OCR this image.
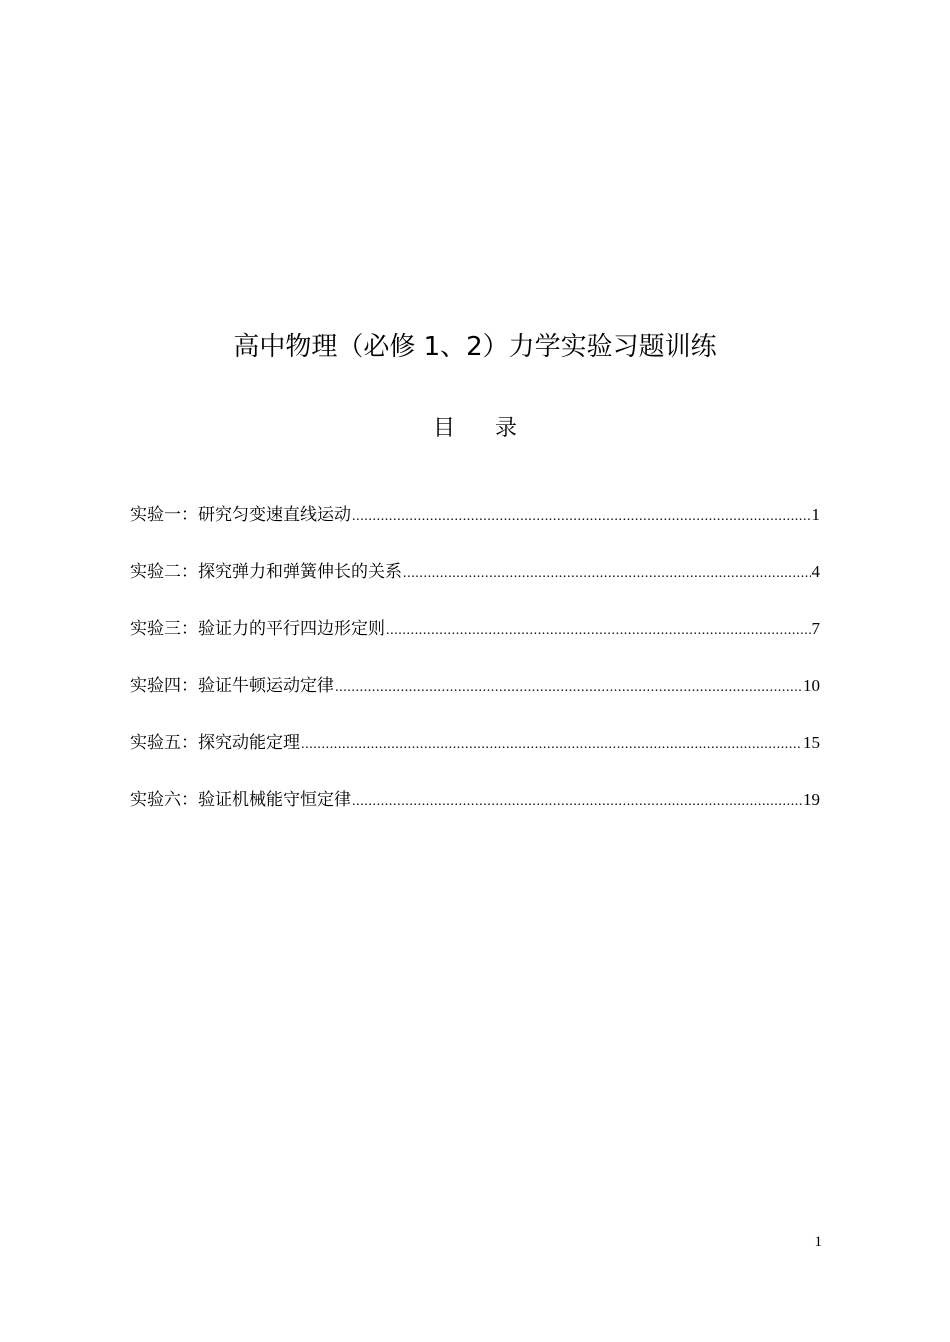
高中物理（必修 1、2）力学实验习题训练
目录
实验一：研究匀变速直线运动 .....	1
实验二：探究弹力和弹簧伸长的关系 .....	4
实验三：验证力的平行四边形定则 .....	7
实验四：验证牛顿运动定律 .....	10
实验五：探究动能定理 .....	15
实验六：验证机械能守恒定律 .....	19
1
